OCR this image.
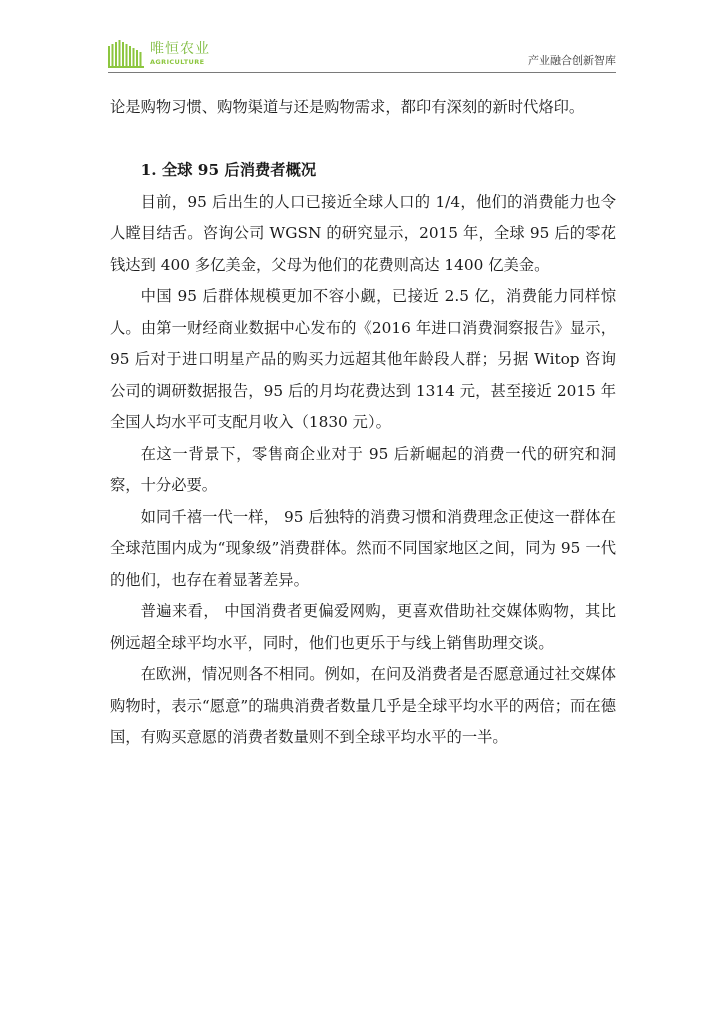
唯恒农业
AGRICULTURE	产业融合创新智库

论是购物习惯、购物渠道与还是购物需求，都印有深刻的新时代烙印。

1. 全球 95 后消费者概况

目前，95 后出生的人口已接近全球人口的 1/4，他们的消费能力也令人瞠目结舌。咨询公司 WGSN 的研究显示，2015 年，全球 95 后的零花钱达到 400 多亿美金，父母为他们的花费则高达 1400 亿美金。

中国 95 后群体规模更加不容小觑，已接近 2.5 亿，消费能力同样惊人。由第一财经商业数据中心发布的《2016 年进口消费洞察报告》显示，95 后对于进口明星产品的购买力远超其他年龄段人群；另据 Witop 咨询公司的调研数据报告，95 后的月均花费达到 1314 元，甚至接近 2015 年全国人均水平可支配月收入（1830 元）。

在这一背景下，零售商企业对于 95 后新崛起的消费一代的研究和洞察，十分必要。

如同千禧一代一样， 95 后独特的消费习惯和消费理念正使这一群体在全球范围内成为“现象级”消费群体。然而不同国家地区之间，同为 95 一代的他们，也存在着显著差异。

普遍来看， 中国消费者更偏爱网购，更喜欢借助社交媒体购物，其比例远超全球平均水平，同时，他们也更乐于与线上销售助理交谈。

在欧洲，情况则各不相同。例如，在问及消费者是否愿意通过社交媒体购物时，表示“愿意”的瑞典消费者数量几乎是全球平均水平的两倍；而在德国，有购买意愿的消费者数量则不到全球平均水平的一半。
